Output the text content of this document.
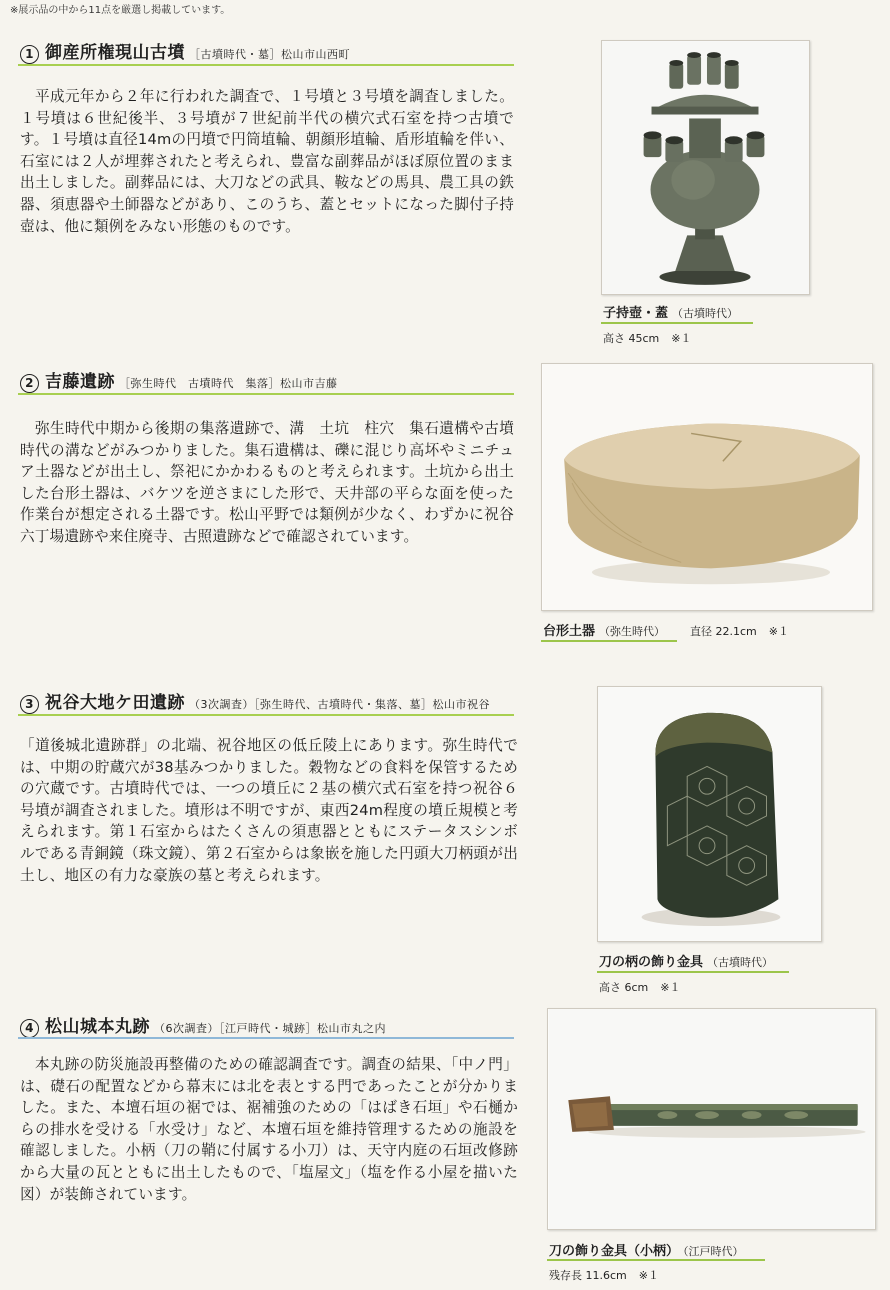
※展示品の中から11点を厳選し掲載しています。
1 御産所権現山古墳 ［古墳時代・墓］松山市山西町
　平成元年から２年に行われた調査で、１号墳と３号墳を調査しました。１号墳は６世紀後半、３号墳が７世紀前半代の横穴式石室を持つ古墳です。１号墳は直径14mの円墳で円筒埴輪、朝顔形埴輪、盾形埴輪を伴い、石室には２人が埋葬されたと考えられ、豊富な副葬品がほぼ原位置のまま出土しました。副葬品には、大刀などの武具、鞍などの馬具、農工具の鉄器、須恵器や土師器などがあり、このうち、蓋とセットになった脚付子持壺は、他に類例をみない形態のものです。
子持壺・蓋 （古墳時代）
高さ 45cm ※１
2 吉藤遺跡 ［弥生時代　古墳時代　集落］松山市吉藤
　弥生時代中期から後期の集落遺跡で、溝　土坑　柱穴　集石遺構や古墳時代の溝などがみつかりました。集石遺構は、礫に混じり高坏やミニチュア土器などが出土し、祭祀にかかわるものと考えられます。土坑から出土した台形土器は、バケツを逆さまにした形で、天井部の平らな面を使った作業台が想定される土器です。松山平野では類例が少なく、わずかに祝谷六丁場遺跡や来住廃寺、古照遺跡などで確認されています。
台形土器 （弥生時代） 直径 22.1cm ※１
3 祝谷大地ケ田遺跡 （3次調査）［弥生時代、古墳時代・集落、墓］松山市祝谷
「道後城北遺跡群」の北端、祝谷地区の低丘陵上にあります。弥生時代では、中期の貯蔵穴が38基みつかりました。穀物などの食料を保管するための穴蔵です。古墳時代では、一つの墳丘に２基の横穴式石室を持つ祝谷６号墳が調査されました。墳形は不明ですが、東西24m程度の墳丘規模と考えられます。第１石室からはたくさんの須恵器とともにステータスシンボルである青銅鏡（珠文鏡）、第２石室からは象嵌を施した円頭大刀柄頭が出土し、地区の有力な豪族の墓と考えられます。
刀の柄の飾り金具 （古墳時代）
高さ 6cm ※１
4 松山城本丸跡 （6次調査）［江戸時代・城跡］松山市丸之内
　本丸跡の防災施設再整備のための確認調査です。調査の結果、「中ノ門」は、礎石の配置などから幕末には北を表とする門であったことが分かりました。また、本壇石垣の裾では、裾補強のための「はばき石垣」や石樋からの排水を受ける「水受け」など、本壇石垣を維持管理するための施設を確認しました。小柄（刀の鞘に付属する小刀）は、天守内庭の石垣改修跡から大量の瓦とともに出土したもので、「塩屋文」（塩を作る小屋を描いた図）が装飾されています。
刀の飾り金具（小柄） （江戸時代）
残存長 11.6cm ※１
